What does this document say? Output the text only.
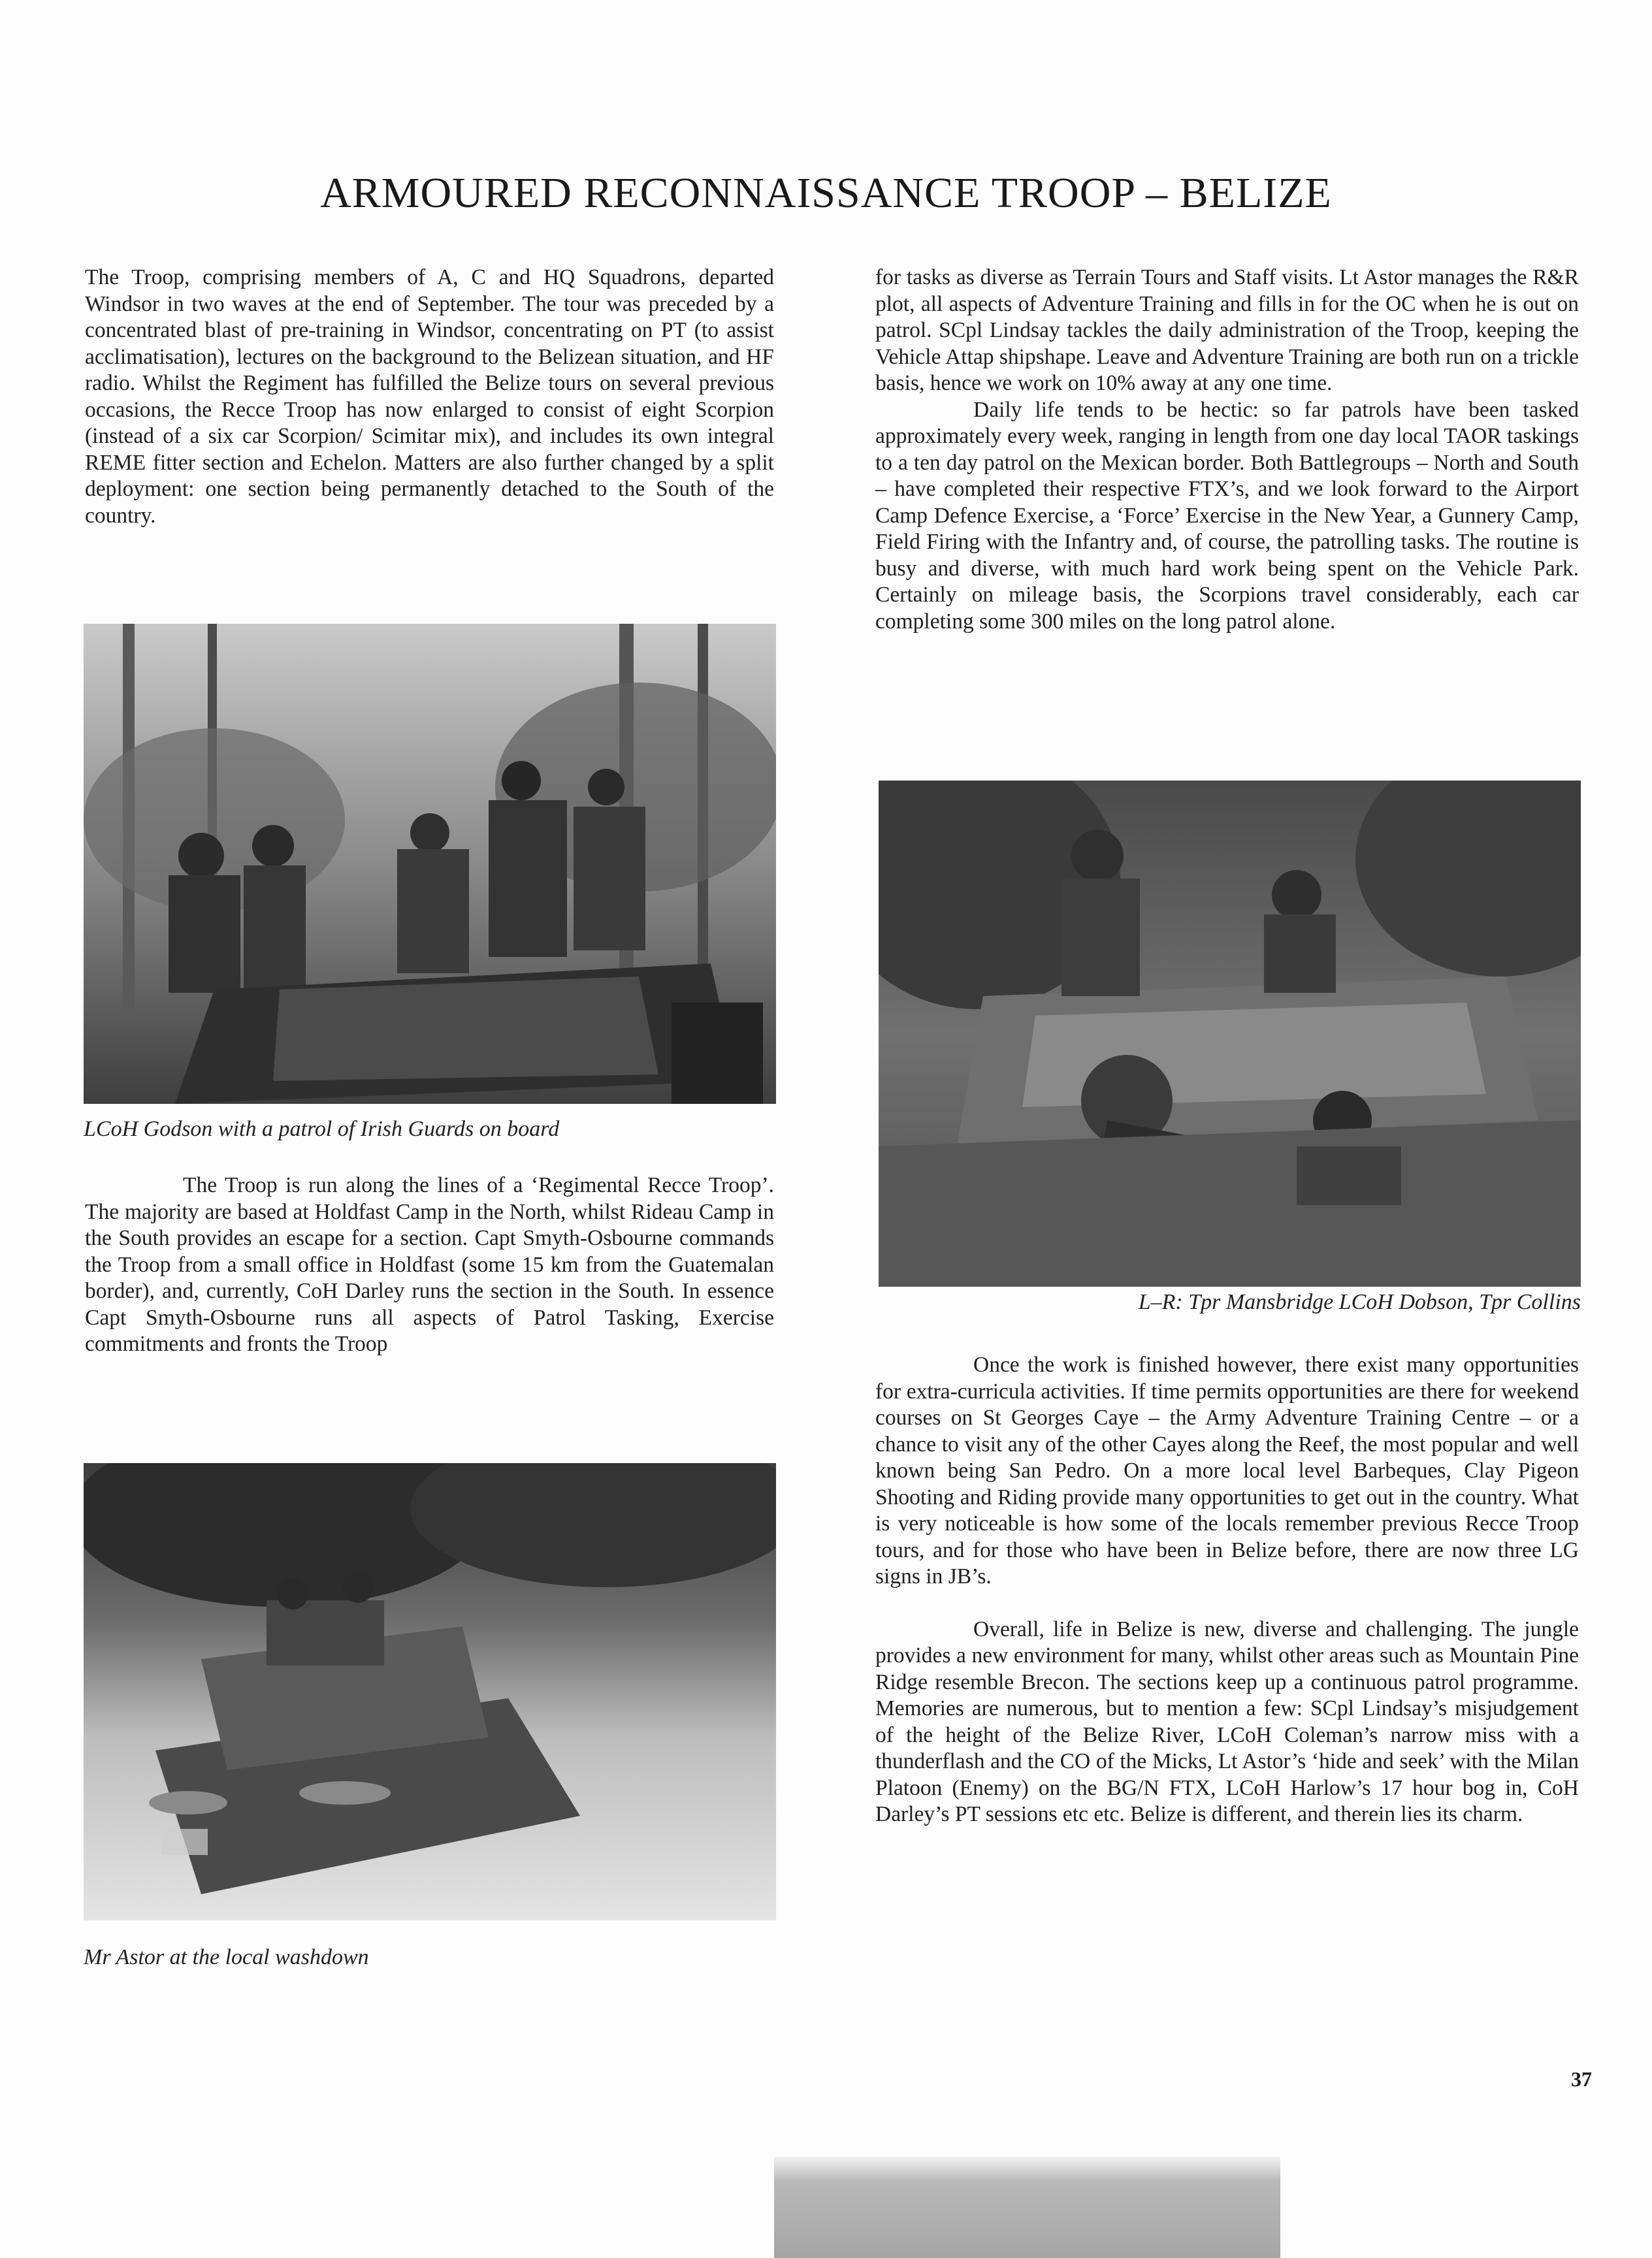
ARMOURED RECONNAISSANCE TROOP – BELIZE

The Troop, comprising members of A, C and HQ Squadrons, departed Windsor in two waves at the end of September. The tour was preceded by a concentrated blast of pre-training in Windsor, concentrating on PT (to assist acclimatisation), lectures on the background to the Belizean situation, and HF radio. Whilst the Regiment has fulfilled the Belize tours on several previous occasions, the Recce Troop has now enlarged to consist of eight Scorpion (instead of a six car Scorpion/ Scimitar mix), and includes its own integral REME fitter section and Echelon. Matters are also further changed by a split deployment: one section being permanently detached to the South of the country.

LCoH Godson with a patrol of Irish Guards on board

The Troop is run along the lines of a ‘Regimental Recce Troop’. The majority are based at Holdfast Camp in the North, whilst Rideau Camp in the South provides an escape for a section. Capt Smyth-Osbourne commands the Troop from a small office in Holdfast (some 15 km from the Guatemalan border), and, currently, CoH Darley runs the section in the South. In essence Capt Smyth-Osbourne runs all aspects of Patrol Tasking, Exercise commitments and fronts the Troop

Mr Astor at the local washdown

for tasks as diverse as Terrain Tours and Staff visits. Lt Astor manages the R&R plot, all aspects of Adventure Training and fills in for the OC when he is out on patrol. SCpl Lindsay tackles the daily administration of the Troop, keeping the Vehicle Attap shipshape. Leave and Adventure Training are both run on a trickle basis, hence we work on 10% away at any one time.

Daily life tends to be hectic: so far patrols have been tasked approximately every week, ranging in length from one day local TAOR taskings to a ten day patrol on the Mexican border. Both Battlegroups – North and South – have completed their respective FTX’s, and we look forward to the Airport Camp Defence Exercise, a ‘Force’ Exercise in the New Year, a Gunnery Camp, Field Firing with the Infantry and, of course, the patrolling tasks. The routine is busy and diverse, with much hard work being spent on the Vehicle Park. Certainly on mileage basis, the Scorpions travel considerably, each car completing some 300 miles on the long patrol alone.

L–R: Tpr Mansbridge LCoH Dobson, Tpr Collins

Once the work is finished however, there exist many opportunities for extra-curricula activities. If time permits opportunities are there for weekend courses on St Georges Caye – the Army Adventure Training Centre – or a chance to visit any of the other Cayes along the Reef, the most popular and well known being San Pedro. On a more local level Barbeques, Clay Pigeon Shooting and Riding provide many opportunities to get out in the country. What is very noticeable is how some of the locals remember previous Recce Troop tours, and for those who have been in Belize before, there are now three LG signs in JB’s.

Overall, life in Belize is new, diverse and challenging. The jungle provides a new environment for many, whilst other areas such as Mountain Pine Ridge resemble Brecon. The sections keep up a continuous patrol programme. Memories are numerous, but to mention a few: SCpl Lindsay’s misjudgement of the height of the Belize River, LCoH Coleman’s narrow miss with a thunderflash and the CO of the Micks, Lt Astor’s ‘hide and seek’ with the Milan Platoon (Enemy) on the BG/N FTX, LCoH Harlow’s 17 hour bog in, CoH Darley’s PT sessions etc etc. Belize is different, and therein lies its charm.

37
